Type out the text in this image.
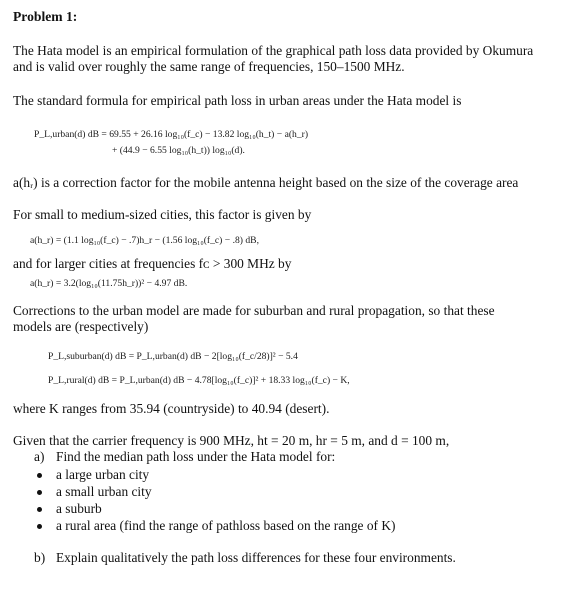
Problem 1:
The Hata model is an empirical formulation of the graphical path loss data provided by Okumura
and is valid over roughly the same range of frequencies, 150–1500 MHz.
The standard formula for empirical path loss in urban areas under the Hata model is
P_L,urban(d) dB = 69.55 + 26.16 log₁₀(f_c) − 13.82 log₁₀(h_t) − a(h_r)
+ (44.9 − 6.55 log₁₀(h_t)) log₁₀(d).
a(hᵣ) is a correction factor for the mobile antenna height based on the size of the coverage area
For small to medium-sized cities, this factor is given by
a(h_r) = (1.1 log₁₀(f_c) − .7)h_r − (1.56 log₁₀(f_c) − .8) dB,
and for larger cities at frequencies fᴄ > 300 MHz by
a(h_r) = 3.2(log₁₀(11.75h_r))² − 4.97 dB.
Corrections to the urban model are made for suburban and rural propagation, so that these
models are (respectively)
P_L,suburban(d) dB = P_L,urban(d) dB − 2[log₁₀(f_c/28)]² − 5.4
P_L,rural(d) dB = P_L,urban(d) dB − 4.78[log₁₀(f_c)]² + 18.33 log₁₀(f_c) − K,
where K ranges from 35.94 (countryside) to 40.94 (desert).
Given that the carrier frequency is 900 MHz, ht = 20 m, hr = 5 m, and d = 100 m,
a) Find the median path loss under the Hata model for:
a large urban city
a small urban city
a suburb
a rural area (find the range of pathloss based on the range of K)
b) Explain qualitatively the path loss differences for these four environments.
